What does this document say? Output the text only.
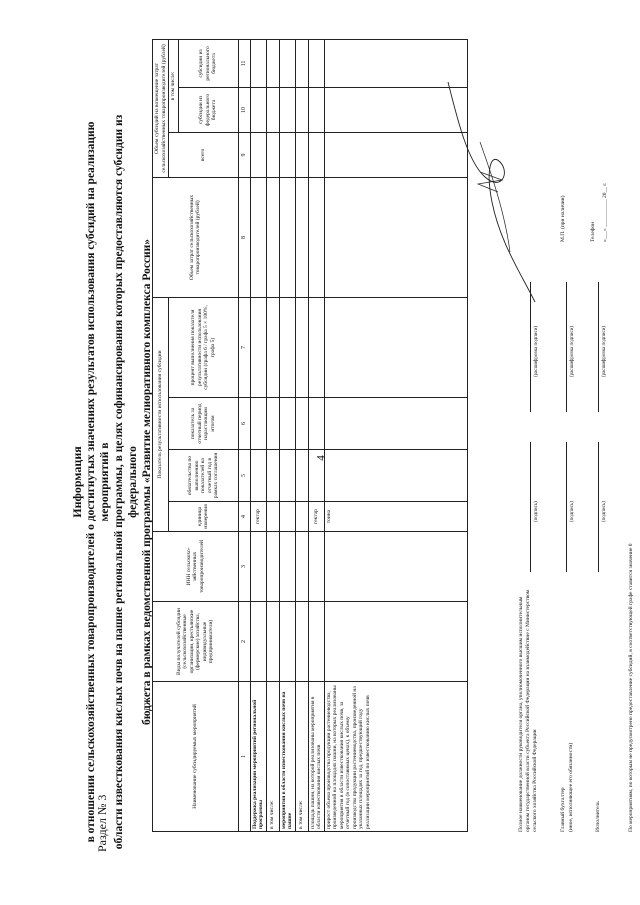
4
Информация в отношении сельскохозяйственных товаропроизводителей о достигнутых значениях результатов использования субсидий на реализацию мероприятий в области известкования кислых почв на пашне региональной программы, в целях софинансирования которых предоставляются субсидии из федерального бюджета в рамках ведомственной программы «Развитие мелиоративного комплекса России»
Раздел № 3
Наименование субсидируемых мероприятий	Виды получателей субсидии (сельскохозяйственные организации, крестьянские (фермерские) хозяйства, индивидуальные предприниматели)	ИНН сельскохо-зяйственных товаропроизводителей	Показатель результативности использования субсидии				Объем затрат сельскохозяйственных товаропроизводителей (рублей)	Объем субсидий на возмещение затрат сельскохозяйственных товаропроизводителей (рублей)		
			единица измерения	обязательства по выполнению показателей на отчетный год в рамках соглашения	показатель за отчетный период нарастающим итогом	процент выполнения показателя результативности использования субсидии (графа 6 / графа 5 × 100%, графа 5)		всего	в том числе:	
									субсидии из федерального бюджета	субсидии из регионального бюджета
1	2	3	4	5	6	7	8	9	10	11
Поддержка реализации мероприятий региональной программы			гектар							
в том числе:										
мероприятия в области известкования кислых почв на пашне										
в том числе:										
площадь пашни, на которой реализованы мероприятия в области известкования кислых почв			гектар							
прирост объема производства продукции растениеводства, произведенной на площадях пашни, на которых реализованы мероприятия в области известкования кислых почв, за отчетный год (в сопоставимых ценах), к объему производства продукции растениеводства, произведенной на указанных площадях за год, предшествующий году реализации мероприятий по известкованию кислых почв			тонна							
Полное наименование должности руководителя органа, уполномоченного высшим исполнительным органом государственной власти субъекта Российской Федерации на взаимодействие с Министерством сельского хозяйства Российской Федерации	Главный бухгалтер (иное, исполняющее его обязанности)
(подпись)
(расшифровка подписи)
Исполнитель
(подпись)
(расшифровка подписи)
(подпись)
(расшифровка подписи)
М.П. (при наличии)	Телефон «___» __________ 20__ г.
По мероприятиям, по которым не предусмотрено предоставление субсидий, в соответствующей графе ставится значение 0
